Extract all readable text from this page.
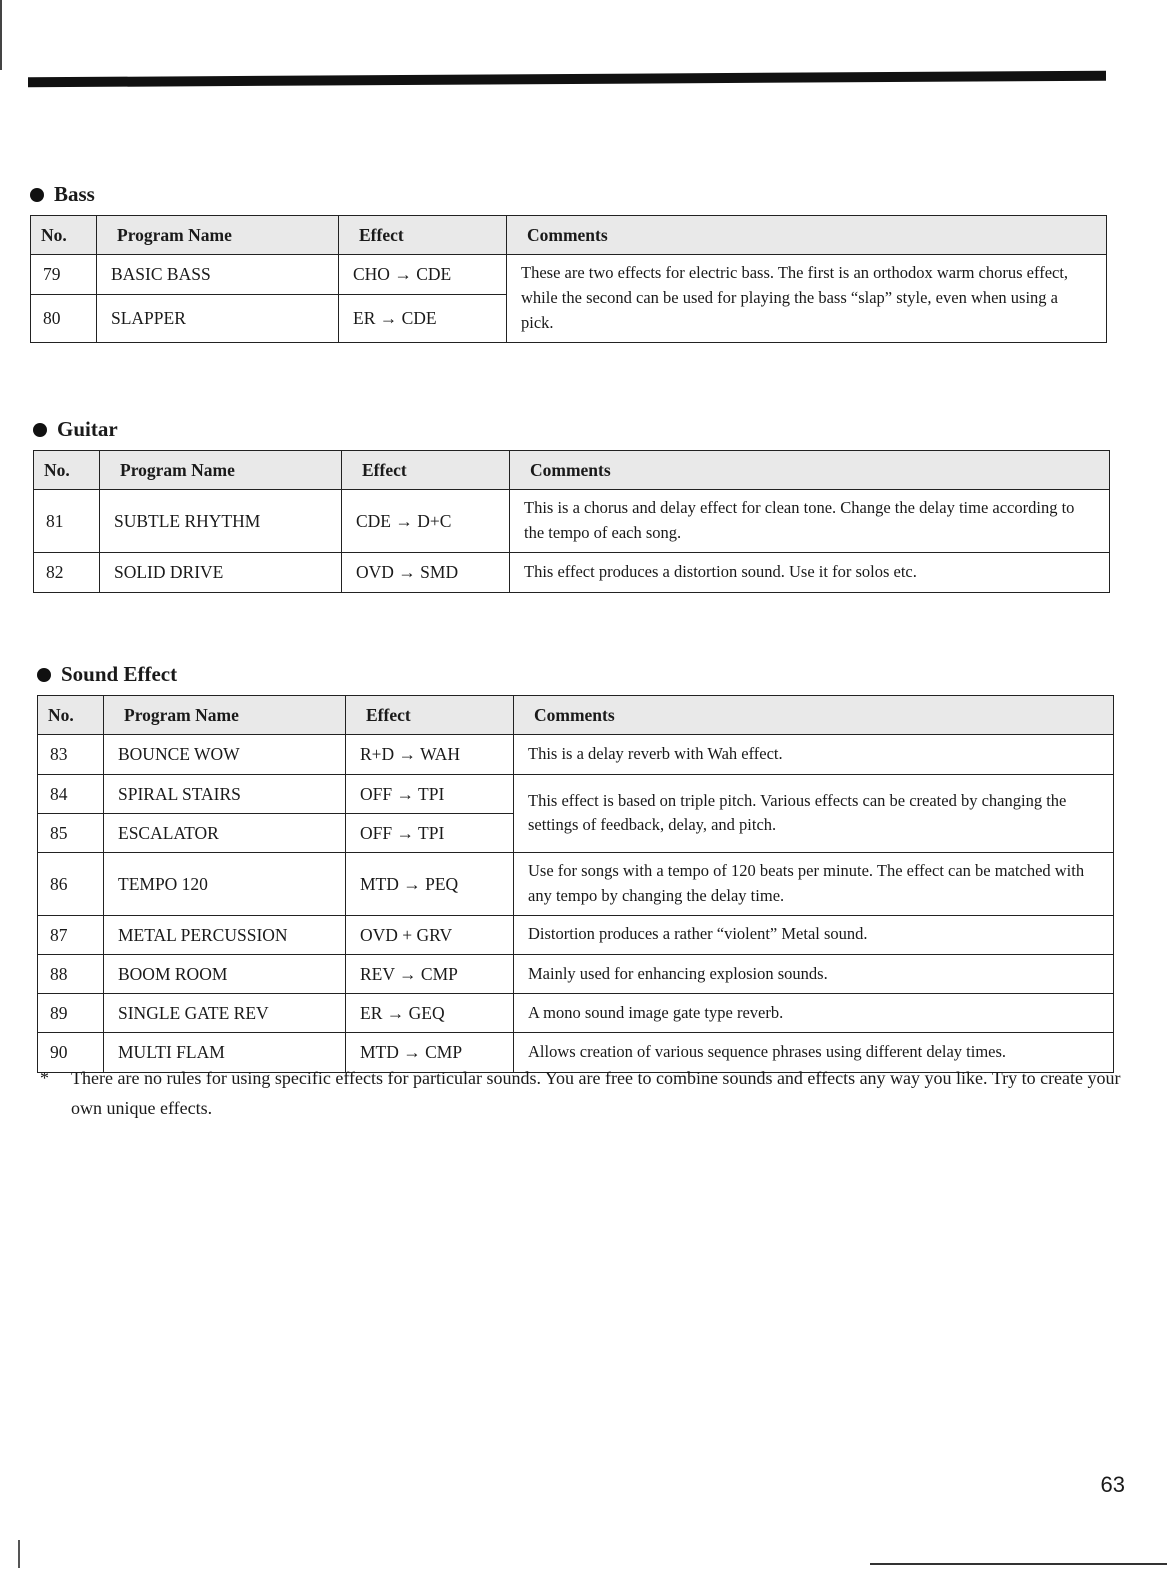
Bass
No.	Program Name	Effect	Comments
79	BASIC BASS	CHO → CDE	These are two effects for electric bass. The first is an orthodox warm chorus effect, while the second can be used for playing the bass “slap” style, even when using a pick.
80	SLAPPER	ER → CDE	
Guitar
No.	Program Name	Effect	Comments
81	SUBTLE RHYTHM	CDE → D+C	This is a chorus and delay effect for clean tone. Change the delay time according to the tempo of each song.
82	SOLID DRIVE	OVD → SMD	This effect produces a distortion sound. Use it for solos etc.
Sound Effect
No.	Program Name	Effect	Comments
83	BOUNCE WOW	R+D → WAH	This is a delay reverb with Wah effect.
84	SPIRAL STAIRS	OFF → TPI	This effect is based on triple pitch. Various effects can be created by changing the settings of feedback, delay, and pitch.
85	ESCALATOR	OFF → TPI	
86	TEMPO 120	MTD → PEQ	Use for songs with a tempo of 120 beats per minute. The effect can be matched with any tempo by changing the delay time.
87	METAL PERCUSSION	OVD + GRV	Distortion produces a rather “violent” Metal sound.
88	BOOM ROOM	REV → CMP	Mainly used for enhancing explosion sounds.
89	SINGLE GATE REV	ER → GEQ	A mono sound image gate type reverb.
90	MULTI FLAM	MTD → CMP	Allows creation of various sequence phrases using different delay times.
* There are no rules for using specific effects for particular sounds. You are free to combine sounds and effects any way you like. Try to create your own unique effects.
63
